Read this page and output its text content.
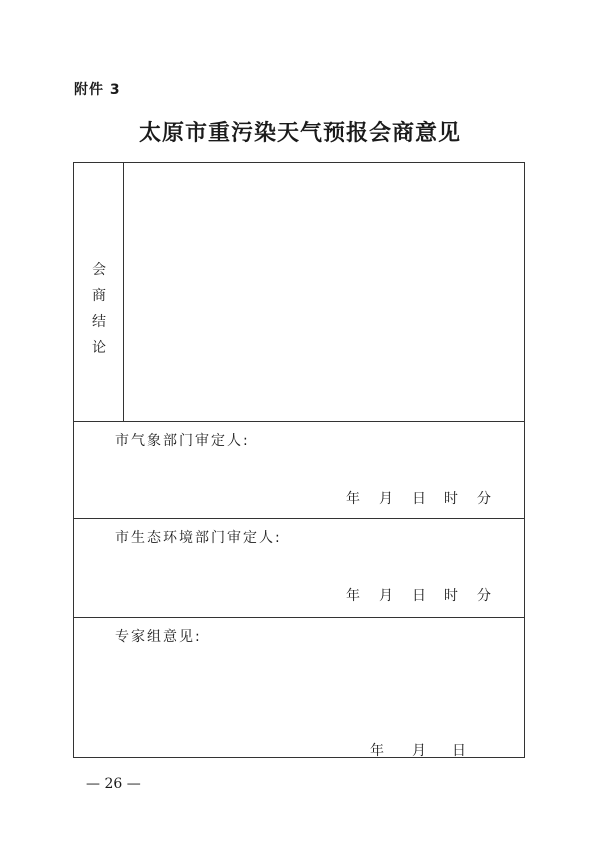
附件 3
太原市重污染天气预报会商意见
会
商
结
论
市气象部门审定人:
年 月 日 时 分
市生态环境部门审定人:
年 月 日 时 分
专家组意见:
年 月 日
— 26 —
